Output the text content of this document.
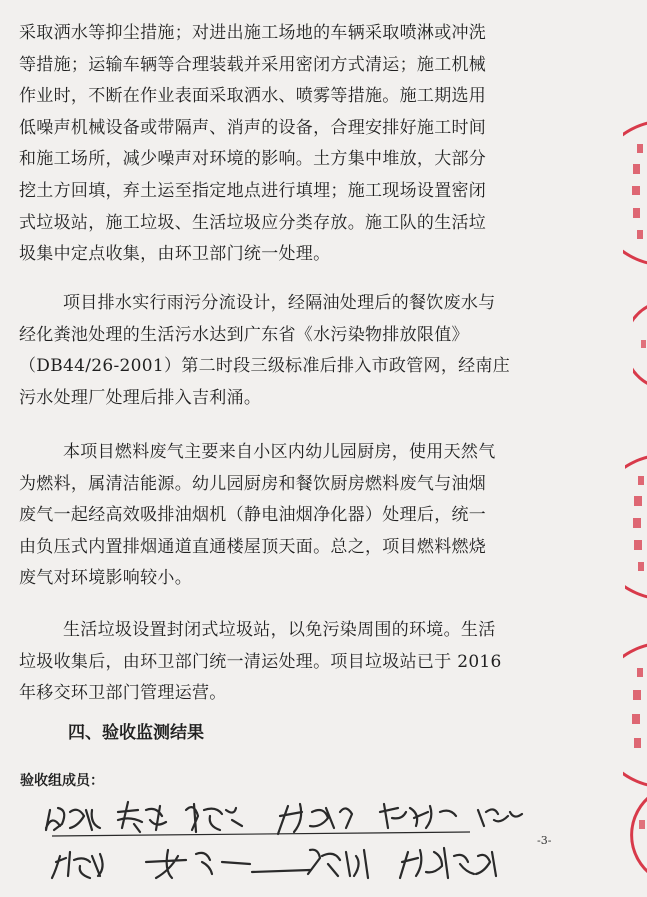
采取洒水等抑尘措施；对进出施工场地的车辆采取喷淋或冲洗
等措施；运输车辆等合理装载并采用密闭方式清运；施工机械
作业时，不断在作业表面采取洒水、喷雾等措施。施工期选用
低噪声机械设备或带隔声、消声的设备，合理安排好施工时间
和施工场所，减少噪声对环境的影响。土方集中堆放，大部分
挖土方回填，弃土运至指定地点进行填埋；施工现场设置密闭
式垃圾站，施工垃圾、生活垃圾应分类存放。施工队的生活垃
圾集中定点收集，由环卫部门统一处理。
项目排水实行雨污分流设计，经隔油处理后的餐饮废水与
经化粪池处理的生活污水达到广东省《水污染物排放限值》
（DB44/26-2001）第二时段三级标准后排入市政管网，经南庄
污水处理厂处理后排入吉利涌。
本项目燃料废气主要来自小区内幼儿园厨房，使用天然气
为燃料，属清洁能源。幼儿园厨房和餐饮厨房燃料废气与油烟
废气一起经高效吸排油烟机（静电油烟净化器）处理后，统一
由负压式内置排烟通道直通楼屋顶天面。总之，项目燃料燃烧
废气对环境影响较小。
生活垃圾设置封闭式垃圾站，以免污染周围的环境。生活
垃圾收集后，由环卫部门统一清运处理。项目垃圾站已于 2016
年移交环卫部门管理运营。

四、验收监测结果

验收组成员：

-3-
